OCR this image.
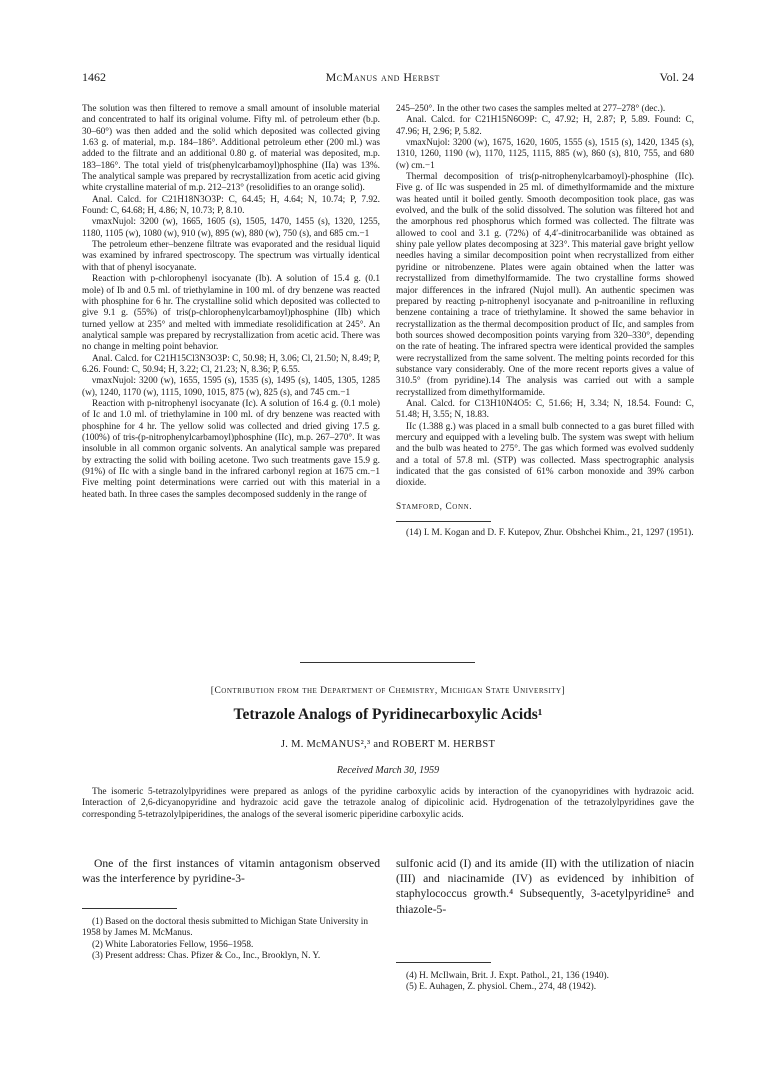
1462	McManus and Herbst	Vol. 24

The solution was then filtered to remove a small amount of insoluble material and concentrated to half its original volume. Fifty ml. of petroleum ether (b.p. 30–60°) was then added and the solid which deposited was collected giving 1.63 g. of material, m.p. 184–186°. Additional petroleum ether (200 ml.) was added to the filtrate and an additional 0.80 g. of material was deposited, m.p. 183–186°. The total yield of tris(phenylcarbamoyl)phosphine (IIa) was 13%. The analytical sample was prepared by recrystallization from acetic acid giving white crystalline material of m.p. 212–213° (resolidifies to an orange solid).

Anal. Calcd. for C21H18N3O3P: C, 64.45; H, 4.64; N, 10.74; P, 7.92. Found: C, 64.68; H, 4.86; N, 10.73; P, 8.10.

νmaxNujol: 3200 (w), 1665, 1605 (s), 1505, 1470, 1455 (s), 1320, 1255, 1180, 1105 (w), 1080 (w), 910 (w), 895 (w), 880 (w), 750 (s), and 685 cm.−1

The petroleum ether–benzene filtrate was evaporated and the residual liquid was examined by infrared spectroscopy. The spectrum was virtually identical with that of phenyl isocyanate.

Reaction with p-chlorophenyl isocyanate (Ib). A solution of 15.4 g. (0.1 mole) of Ib and 0.5 ml. of triethylamine in 100 ml. of dry benzene was reacted with phosphine for 6 hr. The crystalline solid which deposited was collected to give 9.1 g. (55%) of tris(p-chlorophenylcarbamoyl)phosphine (IIb) which turned yellow at 235° and melted with immediate resolidification at 245°. An analytical sample was prepared by recrystallization from acetic acid. There was no change in melting point behavior.

Anal. Calcd. for C21H15Cl3N3O3P: C, 50.98; H, 3.06; Cl, 21.50; N, 8.49; P, 6.26. Found: C, 50.94; H, 3.22; Cl, 21.23; N, 8.36; P, 6.55.

νmaxNujol: 3200 (w), 1655, 1595 (s), 1535 (s), 1495 (s), 1405, 1305, 1285 (w), 1240, 1170 (w), 1115, 1090, 1015, 875 (w), 825 (s), and 745 cm.−1

Reaction with p-nitrophenyl isocyanate (Ic). A solution of 16.4 g. (0.1 mole) of Ic and 1.0 ml. of triethylamine in 100 ml. of dry benzene was reacted with phosphine for 4 hr. The yellow solid was collected and dried giving 17.5 g. (100%) of tris-(p-nitrophenylcarbamoyl)phosphine (IIc), m.p. 267–270°. It was insoluble in all common organic solvents. An analytical sample was prepared by extracting the solid with boiling acetone. Two such treatments gave 15.9 g. (91%) of IIc with a single band in the infrared carbonyl region at 1675 cm.−1 Five melting point determinations were carried out with this material in a heated bath. In three cases the samples decomposed suddenly in the range of

245–250°. In the other two cases the samples melted at 277–278° (dec.).

Anal. Calcd. for C21H15N6O9P: C, 47.92; H, 2.87; P, 5.89. Found: C, 47.96; H, 2.96; P, 5.82.

νmaxNujol: 3200 (w), 1675, 1620, 1605, 1555 (s), 1515 (s), 1420, 1345 (s), 1310, 1260, 1190 (w), 1170, 1125, 1115, 885 (w), 860 (s), 810, 755, and 680 (w) cm.−1

Thermal decomposition of tris(p-nitrophenylcarbamoyl)-phosphine (IIc). Five g. of IIc was suspended in 25 ml. of dimethylformamide and the mixture was heated until it boiled gently. Smooth decomposition took place, gas was evolved, and the bulk of the solid dissolved. The solution was filtered hot and the amorphous red phosphorus which formed was collected. The filtrate was allowed to cool and 3.1 g. (72%) of 4,4′-dinitrocarbanilide was obtained as shiny pale yellow plates decomposing at 323°. This material gave bright yellow needles having a similar decomposition point when recrystallized from either pyridine or nitrobenzene. Plates were again obtained when the latter was recrystallized from dimethylformamide. The two crystalline forms showed major differences in the infrared (Nujol mull). An authentic specimen was prepared by reacting p-nitrophenyl isocyanate and p-nitroaniline in refluxing benzene containing a trace of triethylamine. It showed the same behavior in recrystallization as the thermal decomposition product of IIc, and samples from both sources showed decomposition points varying from 320–330°, depending on the rate of heating. The infrared spectra were identical provided the samples were recrystallized from the same solvent. The melting points recorded for this substance vary considerably. One of the more recent reports gives a value of 310.5° (from pyridine).14 The analysis was carried out with a sample recrystallized from dimethylformamide.

Anal. Calcd. for C13H10N4O5: C, 51.66; H, 3.34; N, 18.54. Found: C, 51.48; H, 3.55; N, 18.83.

IIc (1.388 g.) was placed in a small bulb connected to a gas buret filled with mercury and equipped with a leveling bulb. The system was swept with helium and the bulb was heated to 275°. The gas which formed was evolved suddenly and a total of 57.8 ml. (STP) was collected. Mass spectrographic analysis indicated that the gas consisted of 61% carbon monoxide and 39% carbon dioxide.

Stamford, Conn.

(14) I. M. Kogan and D. F. Kutepov, Zhur. Obshchei Khim., 21, 1297 (1951).

[Contribution from the Department of Chemistry, Michigan State University]
Tetrazole Analogs of Pyridinecarboxylic Acids¹
J. M. McMANUS²,³ and ROBERT M. HERBST
Received March 30, 1959

The isomeric 5-tetrazolylpyridines were prepared as anlogs of the pyridine carboxylic acids by interaction of the cyanopyridines with hydrazoic acid. Interaction of 2,6-dicyanopyridine and hydrazoic acid gave the tetrazole analog of dipicolinic acid. Hydrogenation of the tetrazolylpyridines gave the corresponding 5-tetrazolylpiperidines, the analogs of the several isomeric piperidine carboxylic acids.

One of the first instances of vitamin antagonism observed was the interference by pyridine-3-

sulfonic acid (I) and its amide (II) with the utilization of niacin (III) and niacinamide (IV) as evidenced by inhibition of staphylococcus growth.⁴ Subsequently, 3-acetylpyridine⁵ and thiazole-5-

(1) Based on the doctoral thesis submitted to Michigan State University in 1958 by James M. McManus.

(2) White Laboratories Fellow, 1956–1958.

(3) Present address: Chas. Pfizer & Co., Inc., Brooklyn, N. Y.

(4) H. McIlwain, Brit. J. Expt. Pathol., 21, 136 (1940).

(5) E. Auhagen, Z. physiol. Chem., 274, 48 (1942).
